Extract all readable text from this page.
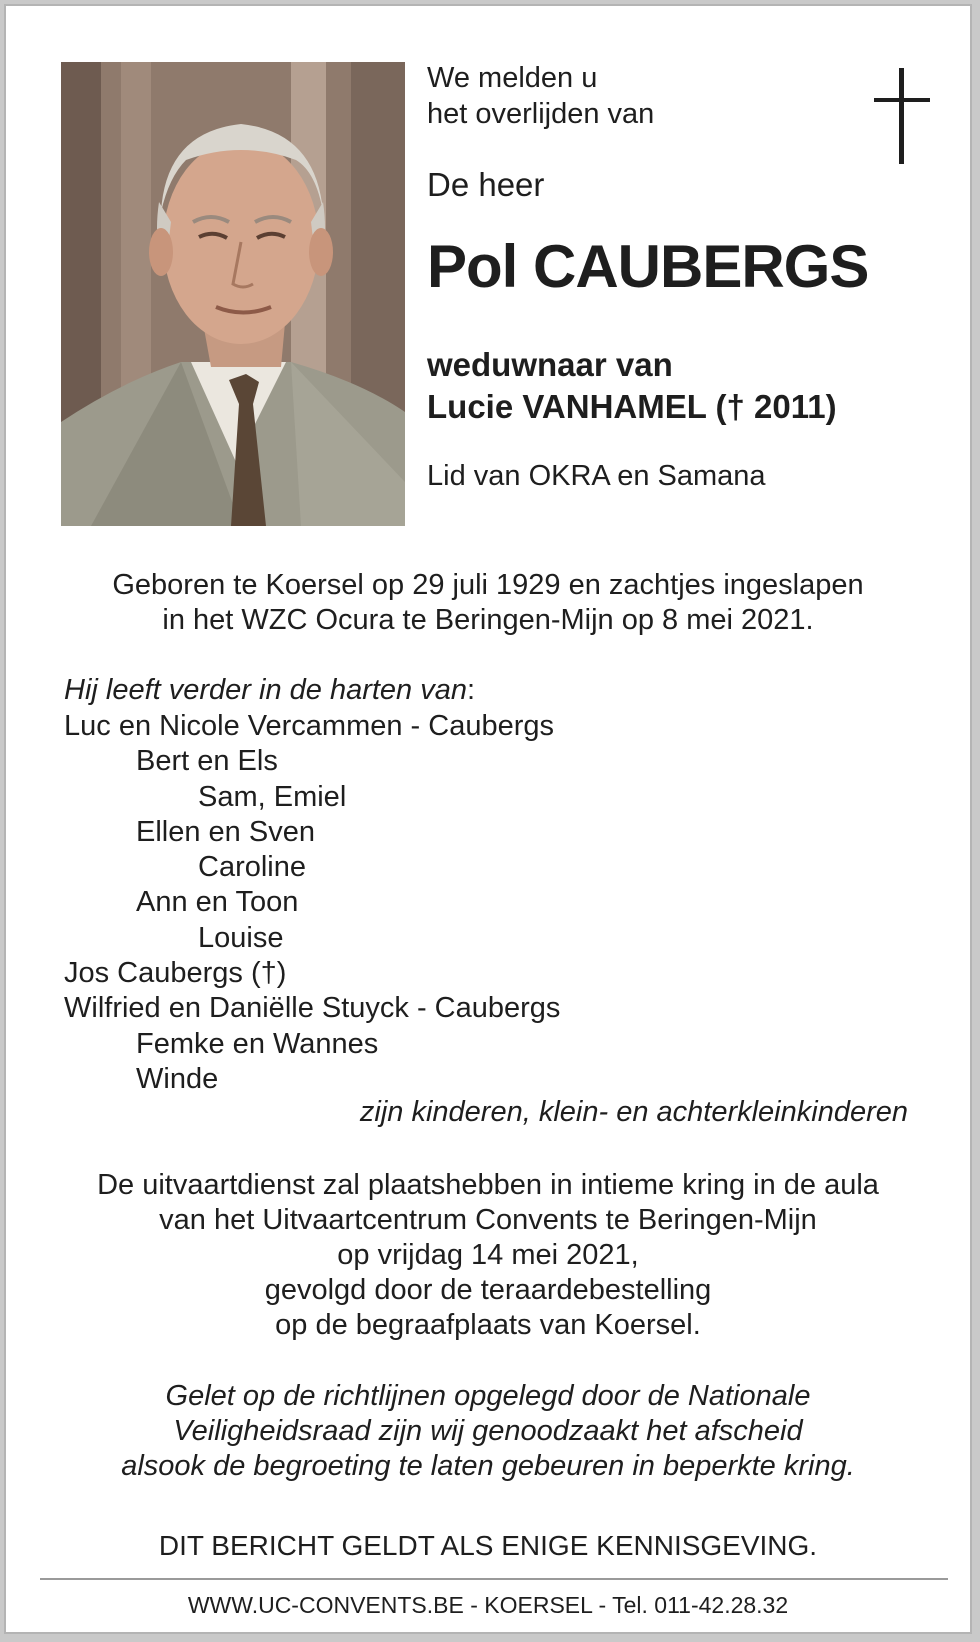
We melden u
het overlijden van
De heer
Pol CAUBERGS
weduwnaar van
Lucie VANHAMEL († 2011)
Lid van OKRA en Samana
Geboren te Koersel op 29 juli 1929 en zachtjes ingeslapen
in het WZC Ocura te Beringen-Mijn op 8 mei 2021.
Hij leeft verder in de harten van:
Luc en Nicole Vercammen - Caubergs
Bert en Els
Sam, Emiel
Ellen en Sven
Caroline
Ann en Toon
Louise
Jos Caubergs (†)
Wilfried en Daniëlle Stuyck - Caubergs
Femke en Wannes
Winde
zijn kinderen, klein- en achterkleinkinderen
De uitvaartdienst zal plaatshebben in intieme kring in de aula
van het Uitvaartcentrum Convents te Beringen-Mijn
op vrijdag 14 mei 2021,
gevolgd door de teraardebestelling
op de begraafplaats van Koersel.
Gelet op de richtlijnen opgelegd door de Nationale
Veiligheidsraad zijn wij genoodzaakt het afscheid
alsook de begroeting te laten gebeuren in beperkte kring.
DIT BERICHT GELDT ALS ENIGE KENNISGEVING.
WWW.UC-CONVENTS.BE - KOERSEL - Tel. 011-42.28.32
